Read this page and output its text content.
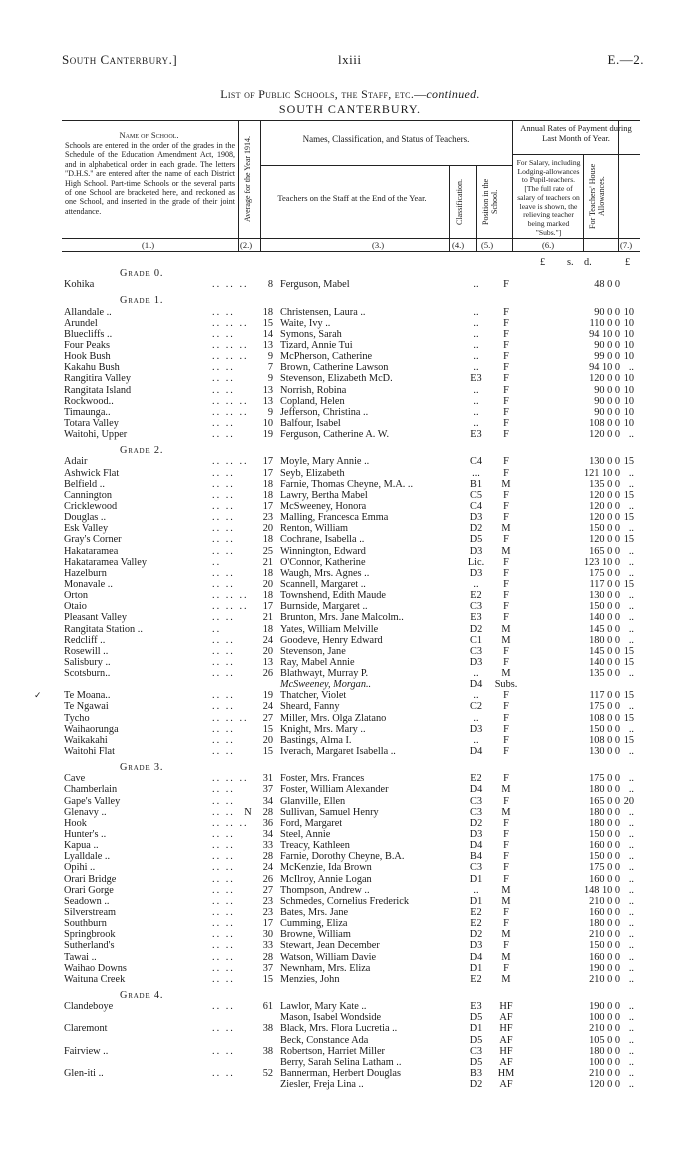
South Canterbury.]	lxiii	E.—2.
List of Public Schools, the Staff, etc.—continued.
SOUTH CANTERBURY.
Name of School.
Schools are entered in the order of the grades in the Schedule of the Education Amendment Act, 1908, and in alphabetical order in each grade. The letters "D.H.S." are entered after the name of each District High School. Part-time Schools or the several parts of one School are bracketed here, and reckoned as one School, and inserted in the grade of their joint attendance.	Average for the Year 1914.	Names, Classification, and Status of Teachers.
Teachers on the Staff at the End of the Year.	Classification. Position in the School.
Annual Rates of Payment during Last Month of Year.
For Salary, including Lodging-allowances to Pupil-teachers. [The full rate of salary of teachers on leave is shown, the relieving teacher being marked "Subs."]
For Teachers' House Allowances.
(1.)	(2.)	(3.)	(4.) (5.)	(6.)	(7.)
£ s. d.	£
Grade 0.
Kohika	.. .. ..	8 Ferguson, Mabel	..	F	48 0 0
Grade 1.
Allandale ..	.. ..	18 Christensen, Laura ..	..	F	90 0 0 10
Arundel	.. .. ..	15 Waite, Ivy ..	..	F	110 0 0 10
Bluecliffs ..	.. ..	14 Symons, Sarah	..	F	94 10 0 10
Four Peaks	.. .. ..	13 Tizard, Annie Tui	..	F	90 0 0 10
Hook Bush	.. .. ..	9 McPherson, Catherine	..	F	99 0 0 10
Kakahu Bush	.. ..	7 Brown, Catherine Lawson	..	F	94 10 0 ..
Rangitira Valley	.. ..	9 Stevenson, Elizabeth McD.	E3	F	120 0 0 10
Rangitata Island	.. ..	13 Norrish, Robina	..	F	90 0 0 10
Rockwood..	.. .. ..	13 Copland, Helen	..	F	90 0 0 10
Timaunga..	.. .. ..	9 Jefferson, Christina ..	..	F	90 0 0 10
Totara Valley	.. ..	10 Balfour, Isabel	..	F	108 0 0 10
Waitohi, Upper	.. ..	19 Ferguson, Catherine A. W.	E3	F	120 0 0 ..
Grade 2.
Adair	.. .. ..	17 Moyle, Mary Annie ..	C4	F	130 0 0 15
Ashwick Flat	.. ..	17 Seyb, Elizabeth	...	F	121 10 0 ..
Belfield ..	.. ..	18 Farnie, Thomas Cheyne, M.A. ..	B1	M	135 0 0 ..
Cannington	.. ..	18 Lawry, Bertha Mabel	C5	F	120 0 0 15
Cricklewood	.. ..	17 McSweeney, Honora	C4	F	120 0 0 ..
Douglas ..	.. ..	23 Malling, Francesca Emma	D3	F	120 0 0 15
Esk Valley	.. ..	20 Renton, William	D2	M	150 0 0 ..
Gray's Corner	.. ..	18 Cochrane, Isabella ..	D5	F	120 0 0 15
Hakataramea	.. ..	25 Winnington, Edward	D3	M	165 0 0 ..
Hakataramea Valley	..	21 O'Connor, Katherine	Lic.	F	123 10 0 ..
Hazelburn	.. ..	18 Waugh, Mrs. Agnes ..	D3	F	175 0 0 ..
Monavale ..	.. ..	20 Scannell, Margaret ..	..	F	117 0 0 15
Orton	.. .. ..	18 Townshend, Edith Maude	E2	F	130 0 0 ..
Otaio	.. .. ..	17 Burnside, Margaret ..	C3	F	150 0 0 ..
Pleasant Valley	.. ..	21 Brunton, Mrs. Jane Malcolm..	E3	F	140 0 0 ..
Rangitata Station ..	..	18 Yates, William Melville	D2	M	145 0 0 ..
Redcliff ..	.. ..	24 Goodeve, Henry Edward	C1	M	180 0 0 ..
Rosewill ..	.. ..	20 Stevenson, Jane	C3	F	145 0 0 15
Salisbury ..	.. ..	13 Ray, Mabel Annie	D3	F	140 0 0 15
Scotsburn..	.. ..	26 Blathwayt, Murray P.	..	M	135 0 0 ..
McSweeney, Morgan..	D4	Subs.
Te Moana..	.. ..	19 Thatcher, Violet	..	F	117 0 0 15
✓
Te Ngawai	.. ..	24 Sheard, Fanny	C2	F	175 0 0 ..
Tycho	.. .. ..	27 Miller, Mrs. Olga Zlatano	..	F	108 0 0 15
Waihaorunga	.. ..	15 Knight, Mrs. Mary ..	D3	F	150 0 0 ..
Waikakahi	.. ..	20 Bastings, Alma I.	..	F	108 0 0 15
Waitohi Flat	.. ..	15 Iverach, Margaret Isabella ..	D4	F	130 0 0 ..
Grade 3.
Cave	.. .. ..	31 Foster, Mrs. Frances	E2	F	175 0 0 ..
Chamberlain	.. ..	37 Foster, William Alexander	D4	M	180 0 0 ..
Gape's Valley	.. ..	34 Glanville, Ellen	C3	F	165 0 0 20
Glenavy ..	.. .. N	28 Sullivan, Samuel Henry	C3	M	180 0 0 ..
Hook	.. .. ..	36 Ford, Margaret	D2	F	180 0 0 ..
Hunter's ..	.. ..	34 Steel, Annie	D3	F	150 0 0 ..
Kapua ..	.. ..	33 Treacy, Kathleen	D4	F	160 0 0 ..
Lyalldale ..	.. ..	28 Farnie, Dorothy Cheyne, B.A.	B4	F	150 0 0 ..
Opihi ..	.. ..	24 McKenzie, Ida Brown	C3	F	175 0 0 ..
Orari Bridge	.. ..	26 McIlroy, Annie Logan	D1	F	160 0 0 ..
Orari Gorge	.. ..	27 Thompson, Andrew ..	..	M	148 10 0 ..
Seadown ..	.. ..	23 Schmedes, Cornelius Frederick	D1	M	210 0 0 ..
Silverstream	.. ..	23 Bates, Mrs. Jane	E2	F	160 0 0 ..
Southburn	.. ..	17 Cumming, Eliza	E2	F	180 0 0 ..
Springbrook	.. ..	30 Browne, William	D2	M	210 0 0 ..
Sutherland's	.. ..	33 Stewart, Jean December	D3	F	150 0 0 ..
Tawai ..	.. ..	28 Watson, William Davie	D4	M	160 0 0 ..
Waihao Downs	.. ..	37 Newnham, Mrs. Eliza	D1	F	190 0 0 ..
Waituna Creek	.. ..	15 Menzies, John	E2	M	210 0 0 ..
Grade 4.
Clandeboye	.. ..	61 Lawlor, Mary Kate ..	E3	HF	190 0 0 ..
Mason, Isabel Wondside	D5	AF	100 0 0 ..
Claremont	.. ..	38 Black, Mrs. Flora Lucretia ..	D1	HF	210 0 0 ..
Beck, Constance Ada	D5	AF	105 0 0 ..
Fairview ..	.. ..	38 Robertson, Harriet Miller	C3	HF	180 0 0 ..
Berry, Sarah Selina Latham ..	D5	AF	100 0 0 ..
Glen-iti ..	.. ..	52 Bannerman, Herbert Douglas	B3	HM	210 0 0 ..
Ziesler, Freja Lina ..	D2	AF	120 0 0 ..
